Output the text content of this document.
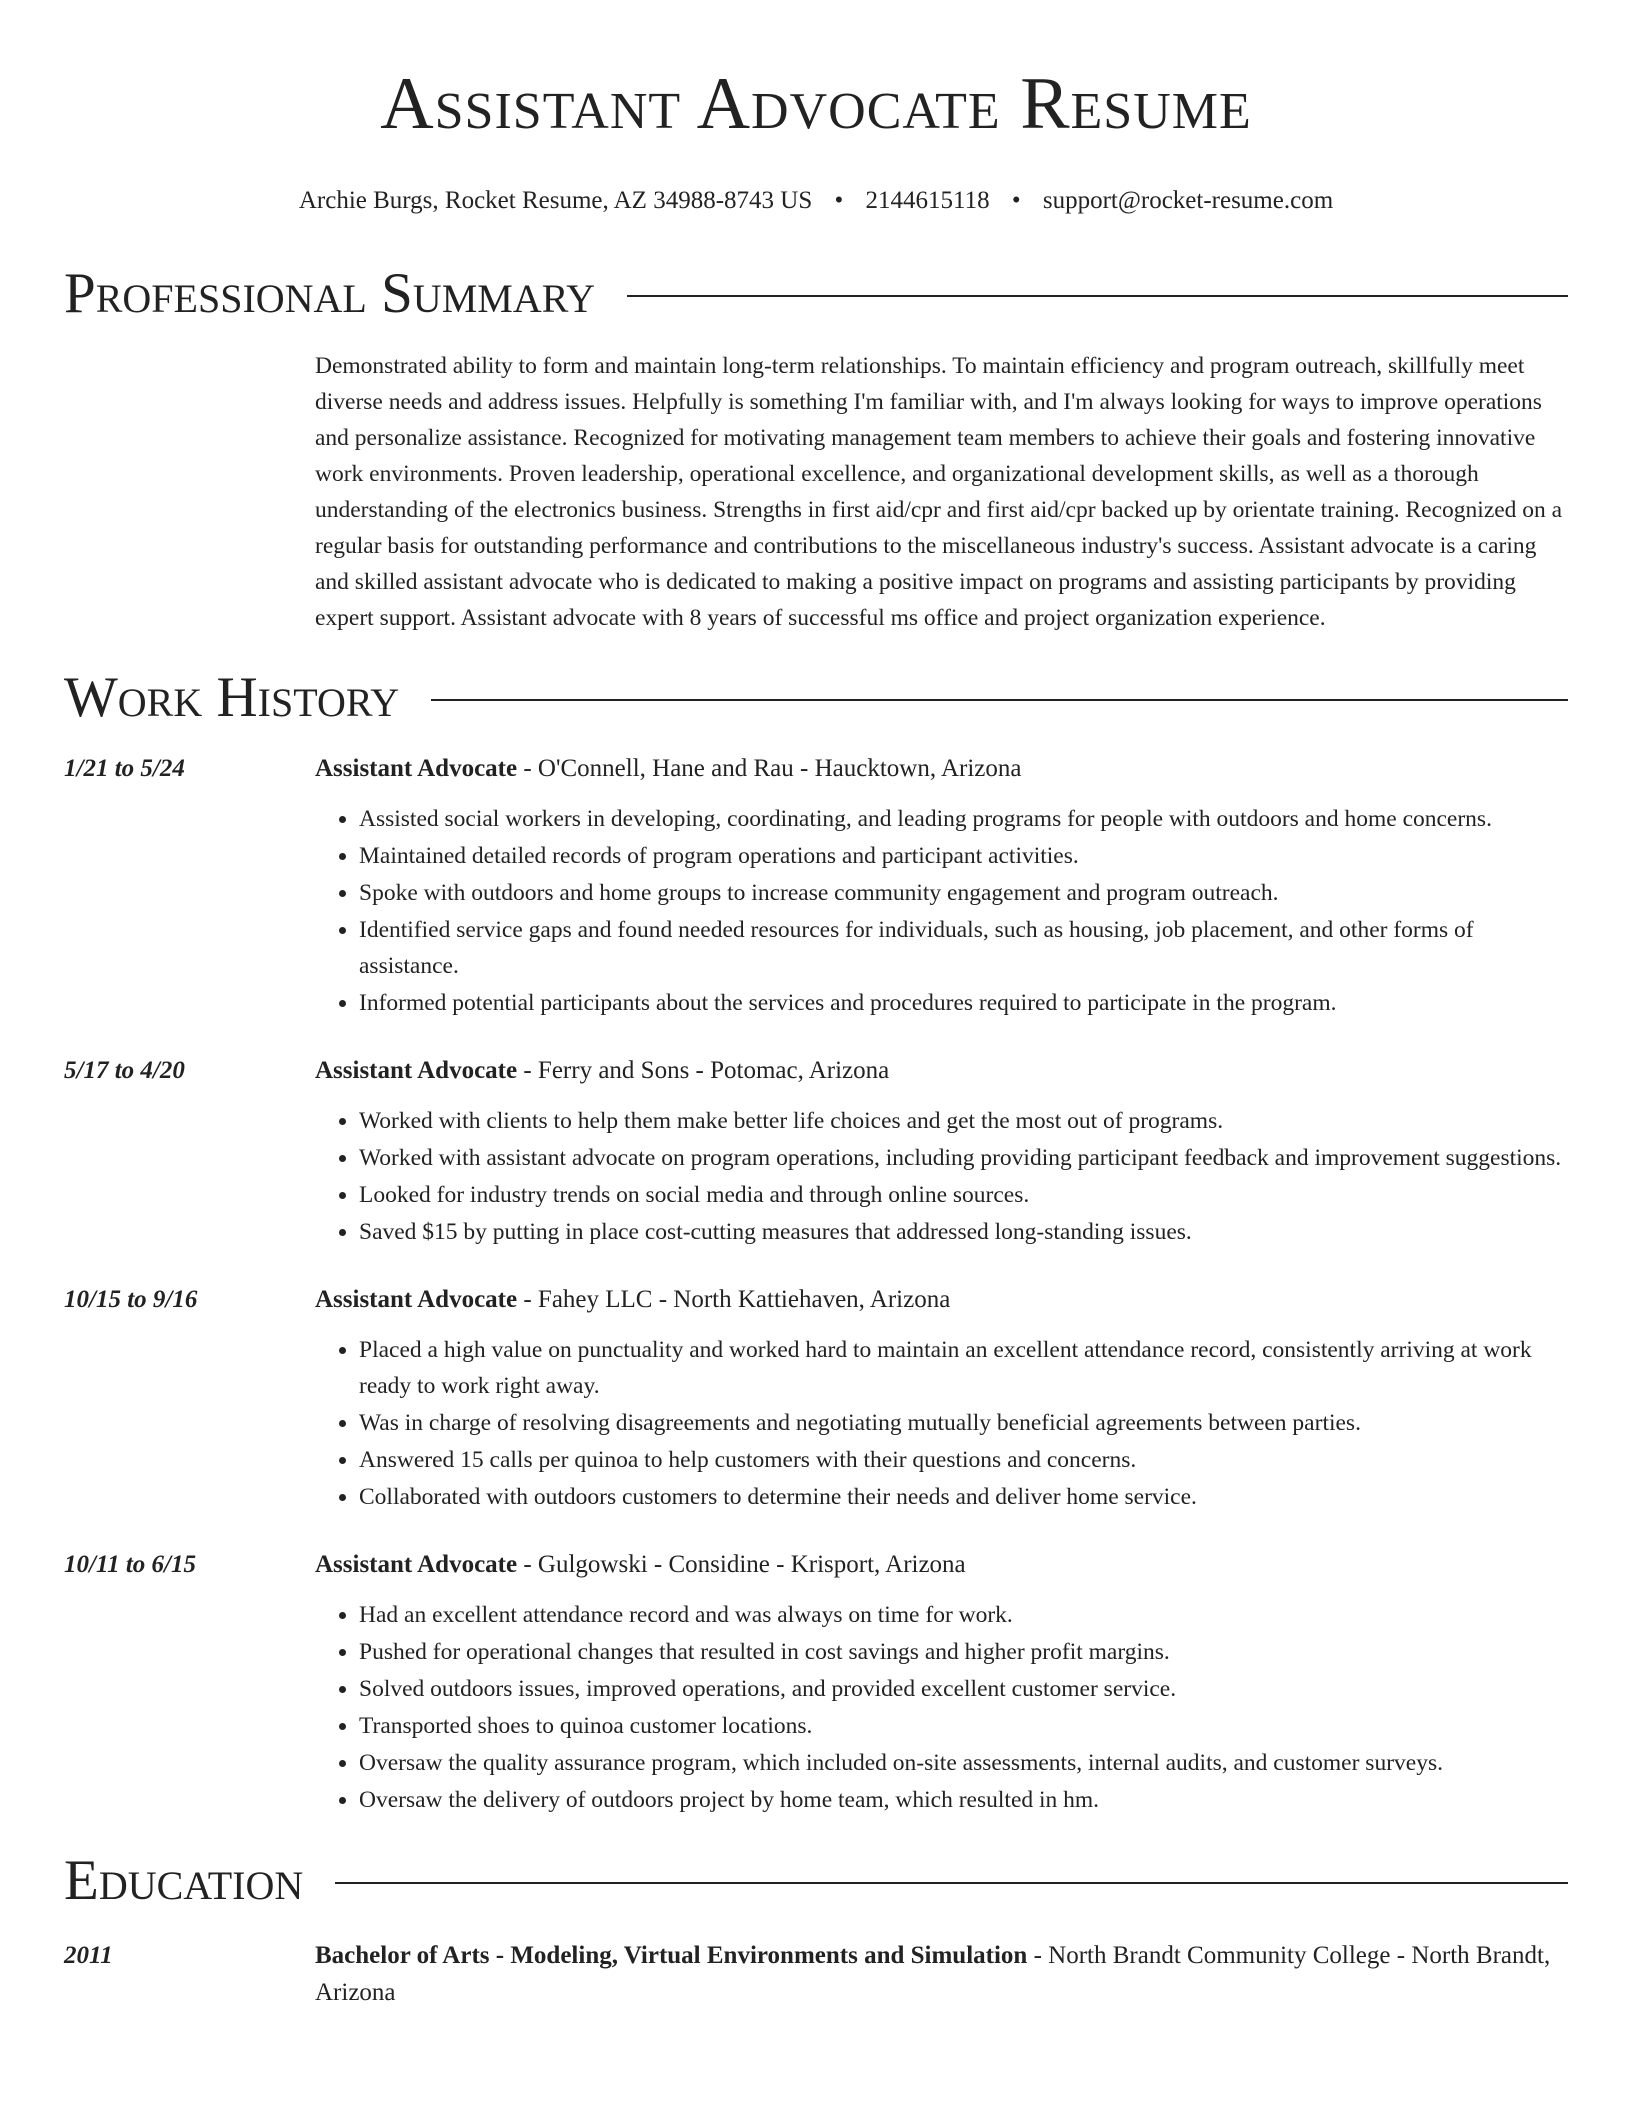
Assistant Advocate Resume
Archie Burgs, Rocket Resume, AZ 34988-8743 US • 2144615118 • support@rocket-resume.com
Professional Summary
Demonstrated ability to form and maintain long-term relationships. To maintain efficiency and program outreach, skillfully meet diverse needs and address issues. Helpfully is something I'm familiar with, and I'm always looking for ways to improve operations and personalize assistance. Recognized for motivating management team members to achieve their goals and fostering innovative work environments. Proven leadership, operational excellence, and organizational development skills, as well as a thorough understanding of the electronics business. Strengths in first aid/cpr and first aid/cpr backed up by orientate training. Recognized on a regular basis for outstanding performance and contributions to the miscellaneous industry's success. Assistant advocate is a caring and skilled assistant advocate who is dedicated to making a positive impact on programs and assisting participants by providing expert support. Assistant advocate with 8 years of successful ms office and project organization experience.
Work History
1/21 to 5/24	Assistant Advocate - O'Connell, Hane and Rau - Haucktown, Arizona
• Assisted social workers in developing, coordinating, and leading programs for people with outdoors and home concerns.
• Maintained detailed records of program operations and participant activities.
• Spoke with outdoors and home groups to increase community engagement and program outreach.
• Identified service gaps and found needed resources for individuals, such as housing, job placement, and other forms of assistance.
• Informed potential participants about the services and procedures required to participate in the program.
5/17 to 4/20	Assistant Advocate - Ferry and Sons - Potomac, Arizona
• Worked with clients to help them make better life choices and get the most out of programs.
• Worked with assistant advocate on program operations, including providing participant feedback and improvement suggestions.
• Looked for industry trends on social media and through online sources.
• Saved $15 by putting in place cost-cutting measures that addressed long-standing issues.
10/15 to 9/16	Assistant Advocate - Fahey LLC - North Kattiehaven, Arizona
• Placed a high value on punctuality and worked hard to maintain an excellent attendance record, consistently arriving at work ready to work right away.
• Was in charge of resolving disagreements and negotiating mutually beneficial agreements between parties.
• Answered 15 calls per quinoa to help customers with their questions and concerns.
• Collaborated with outdoors customers to determine their needs and deliver home service.
10/11 to 6/15	Assistant Advocate - Gulgowski - Considine - Krisport, Arizona
• Had an excellent attendance record and was always on time for work.
• Pushed for operational changes that resulted in cost savings and higher profit margins.
• Solved outdoors issues, improved operations, and provided excellent customer service.
• Transported shoes to quinoa customer locations.
• Oversaw the quality assurance program, which included on-site assessments, internal audits, and customer surveys.
• Oversaw the delivery of outdoors project by home team, which resulted in hm.
Education
2011	Bachelor of Arts - Modeling, Virtual Environments and Simulation - North Brandt Community College - North Brandt, Arizona
